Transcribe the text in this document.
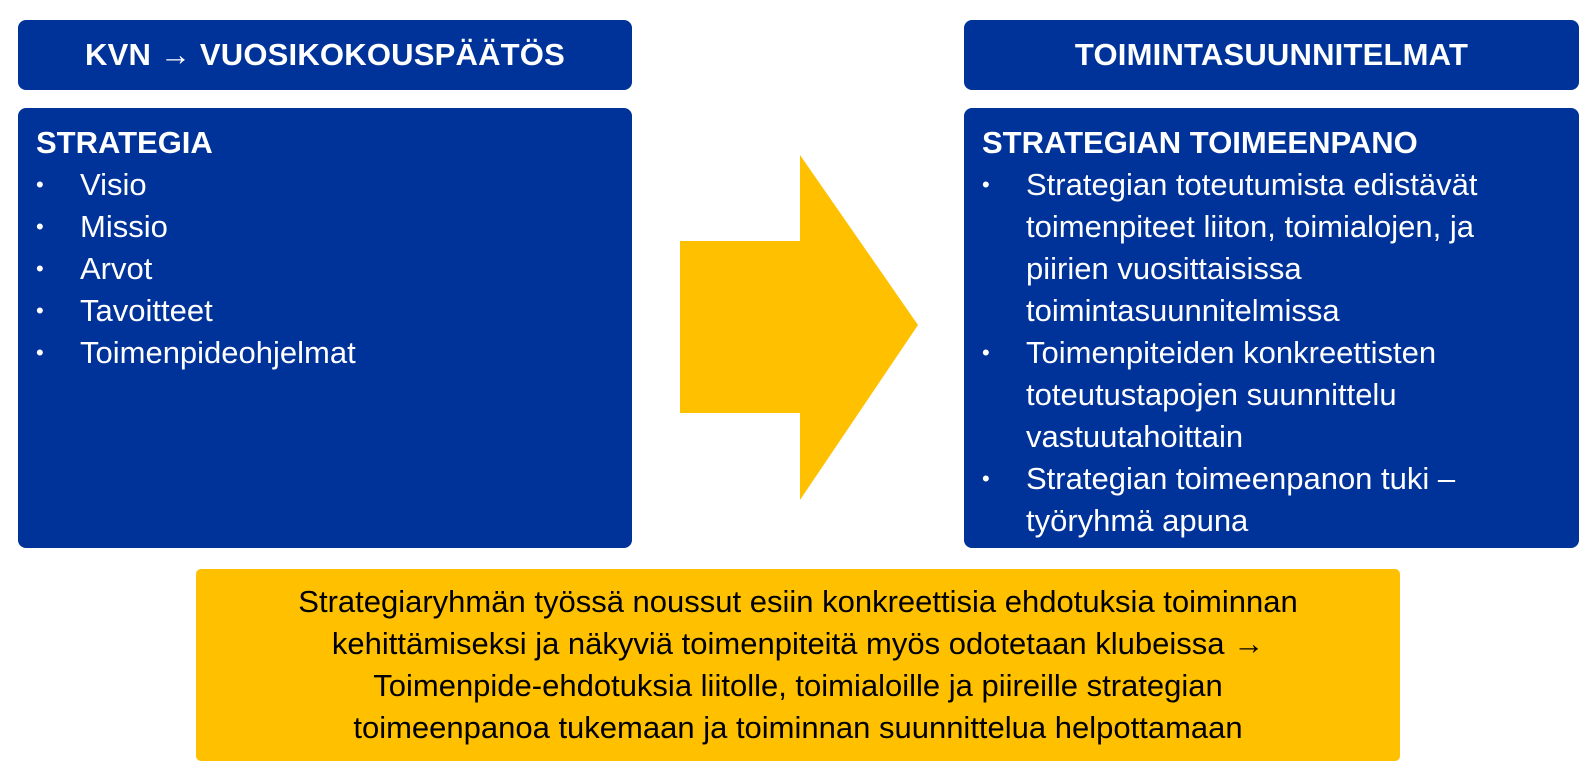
KVN → VUOSIKOKOUSPÄÄTÖS	TOIMINTASUUNNITELMAT
STRATEGIA
•	Visio
•	Missio
•	Arvot
•	Tavoitteet
•	Toimenpideohjelmat
STRATEGIAN TOIMEENPANO
•	Strategian toteutumista edistävät toimenpiteet liiton, toimialojen, ja piirien vuosittaisissa toimintasuunnitelmissa
•	Toimenpiteiden konkreettisten toteutustapojen suunnittelu vastuutahoittain
•	Strategian toimeenpanon tuki – työryhmä apuna
Strategiaryhmän työssä noussut esiin konkreettisia ehdotuksia toiminnan
kehittämiseksi ja näkyviä toimenpiteitä myös odotetaan klubeissa →
Toimenpide-ehdotuksia liitolle, toimialoille ja piireille strategian
toimeenpanoa tukemaan ja toiminnan suunnittelua helpottamaan
